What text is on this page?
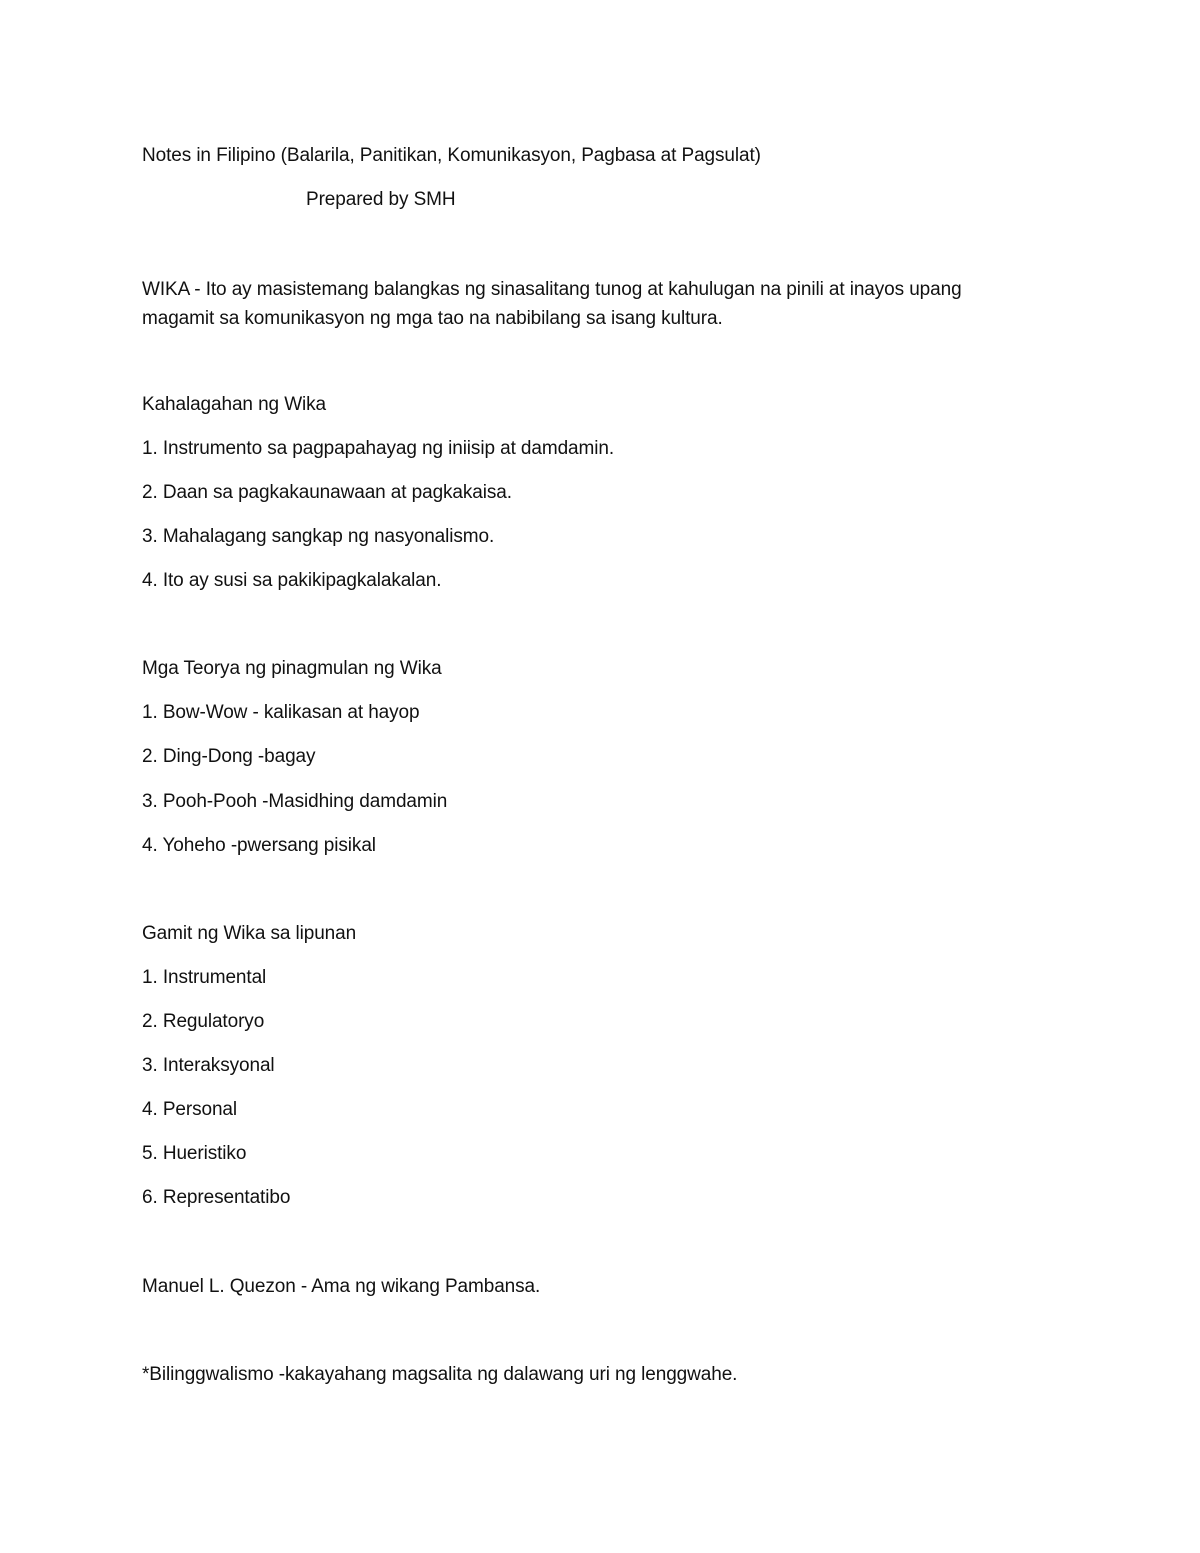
Notes in Filipino (Balarila, Panitikan, Komunikasyon, Pagbasa at Pagsulat)
Prepared by SMH
WIKA - Ito ay masistemang balangkas ng sinasalitang tunog at kahulugan na pinili at inayos upang magamit sa komunikasyon ng mga tao na nabibilang sa isang kultura.
Kahalagahan ng Wika
1. Instrumento sa pagpapahayag ng iniisip at damdamin.
2. Daan sa pagkakaunawaan at pagkakaisa.
3. Mahalagang sangkap ng nasyonalismo.
4. Ito ay susi sa pakikipagkalakalan.
Mga Teorya ng pinagmulan ng Wika
1. Bow-Wow - kalikasan at hayop
2. Ding-Dong -bagay
3. Pooh-Pooh -Masidhing damdamin
4. Yoheho -pwersang pisikal
Gamit ng Wika sa lipunan
1. Instrumental
2. Regulatoryo
3. Interaksyonal
4. Personal
5. Hueristiko
6. Representatibo
Manuel L. Quezon - Ama ng wikang Pambansa.
*Bilinggwalismo -kakayahang magsalita ng dalawang uri ng lenggwahe.
